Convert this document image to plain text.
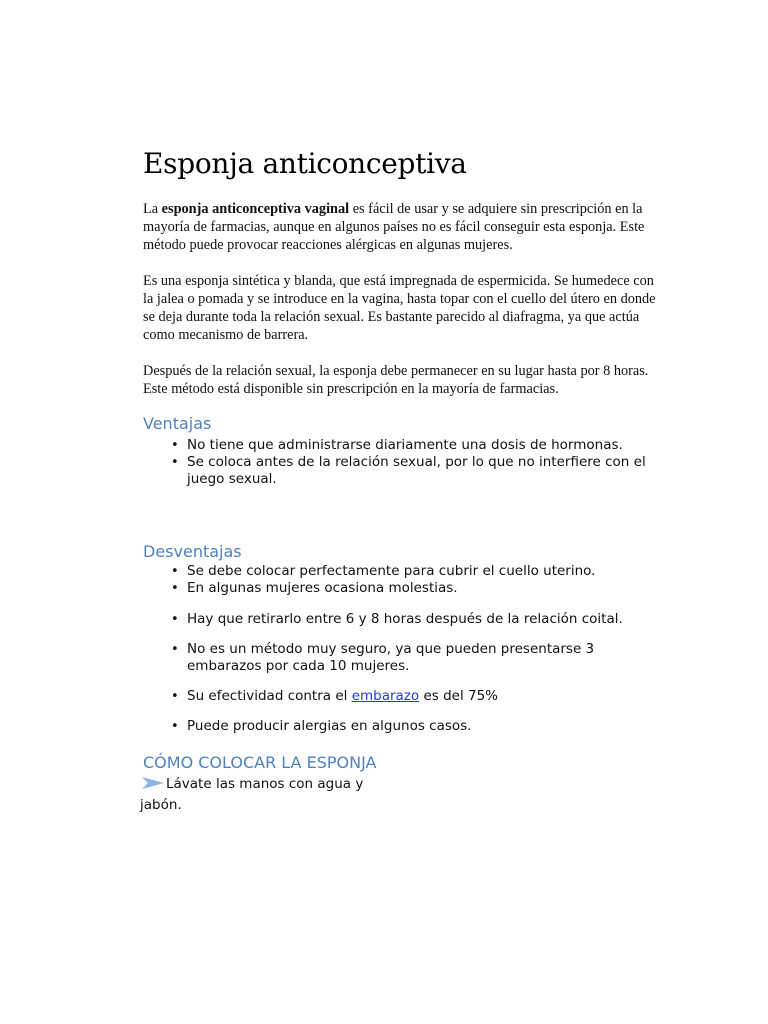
Esponja anticonceptiva

La esponja anticonceptiva vaginal es fácil de usar y se adquiere sin prescripción en la mayoría de farmacias, aunque en algunos países no es fácil conseguir esta esponja. Este método puede provocar reacciones alérgicas en algunas mujeres.

Es una esponja sintética y blanda, que está impregnada de espermicida. Se humedece con la jalea o pomada y se introduce en la vagina, hasta topar con el cuello del útero en donde se deja durante toda la relación sexual. Es bastante parecido al diafragma, ya que actúa como mecanismo de barrera.

Después de la relación sexual, la esponja debe permanecer en su lugar hasta por 8 horas. Este método está disponible sin prescripción en la mayoría de farmacias.

Ventajas
• No tiene que administrarse diariamente una dosis de hormonas.
• Se coloca antes de la relación sexual, por lo que no interfiere con el juego sexual.
Desventajas
• Se debe colocar perfectamente para cubrir el cuello uterino.
• En algunas mujeres ocasiona molestias.
• Hay que retirarlo entre 6 y 8 horas después de la relación coital.
• No es un método muy seguro, ya que pueden presentarse 3 embarazos por cada 10 mujeres.
• Su efectividad contra el embarazo es del 75%
• Puede producir alergias en algunos casos.
CÓMO COLOCAR LA ESPONJA

Lávate las manos con agua y jabón.
